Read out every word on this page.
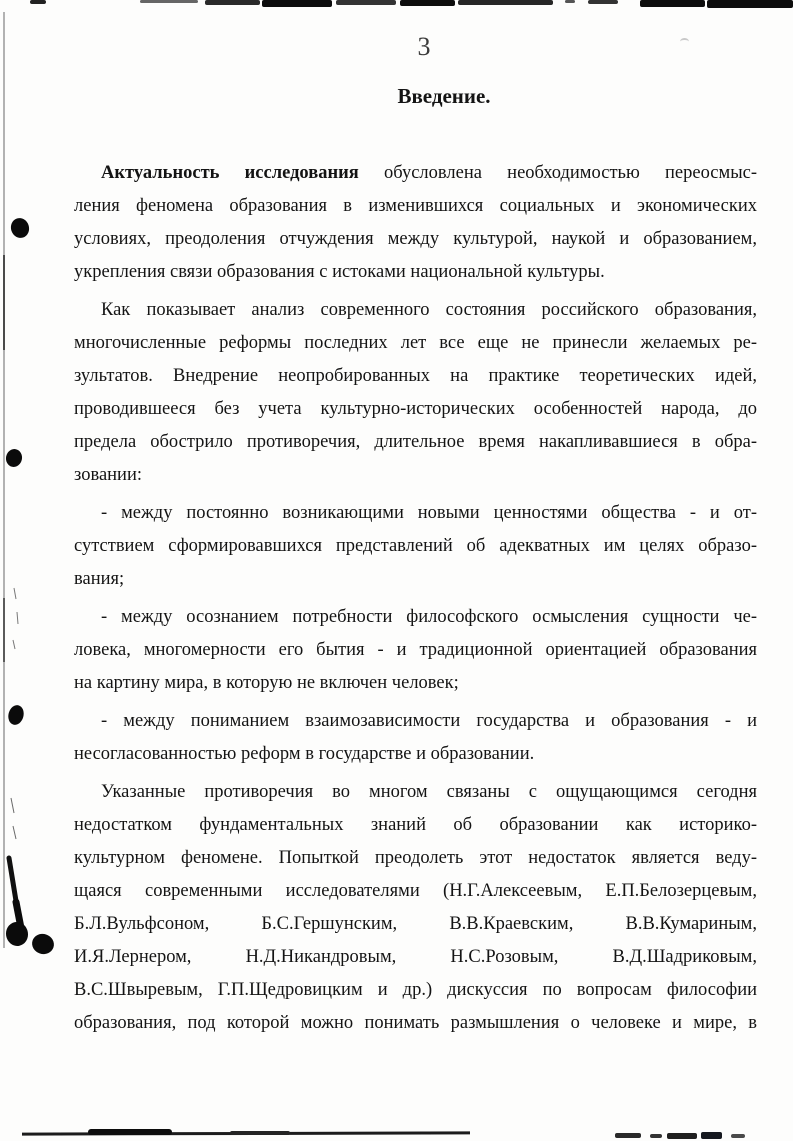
3
Введение.
Актуальность исследования обусловлена необходимостью переосмыс-
ления феномена образования в изменившихся социальных и экономических
условиях, преодоления отчуждения между культурой, наукой и образованием,
укрепления связи образования с истоками национальной культуры.
Как показывает анализ современного состояния российского образования,
многочисленные реформы последних лет все еще не принесли желаемых ре-
зультатов. Внедрение неопробированных на практике теоретических идей,
проводившееся без учета культурно-исторических особенностей народа, до
предела обострило противоречия, длительное время накапливавшиеся в обра-
зовании:
- между постоянно возникающими новыми ценностями общества - и от-
сутствием сформировавшихся представлений об адекватных им целях образо-
вания;
- между осознанием потребности философского осмысления сущности че-
ловека, многомерности его бытия - и традиционной ориентацией образования
на картину мира, в которую не включен человек;
- между пониманием взаимозависимости государства и образования - и
несогласованностью реформ в государстве и образовании.
Указанные противоречия во многом связаны с ощущающимся сегодня
недостатком фундаментальных знаний об образовании как историко-
культурном феномене. Попыткой преодолеть этот недостаток является веду-
щаяся современными исследователями (Н.Г.Алексеевым, Е.П.Белозерцевым,
Б.Л.Вульфсоном, Б.С.Гершунским, В.В.Краевским, В.В.Кумариным,
И.Я.Лернером, Н.Д.Никандровым, Н.С.Розовым, В.Д.Шадриковым,
В.С.Швыревым, Г.П.Щедровицким и др.) дискуссия по вопросам философии
образования, под которой можно понимать размышления о человеке и мире, в
